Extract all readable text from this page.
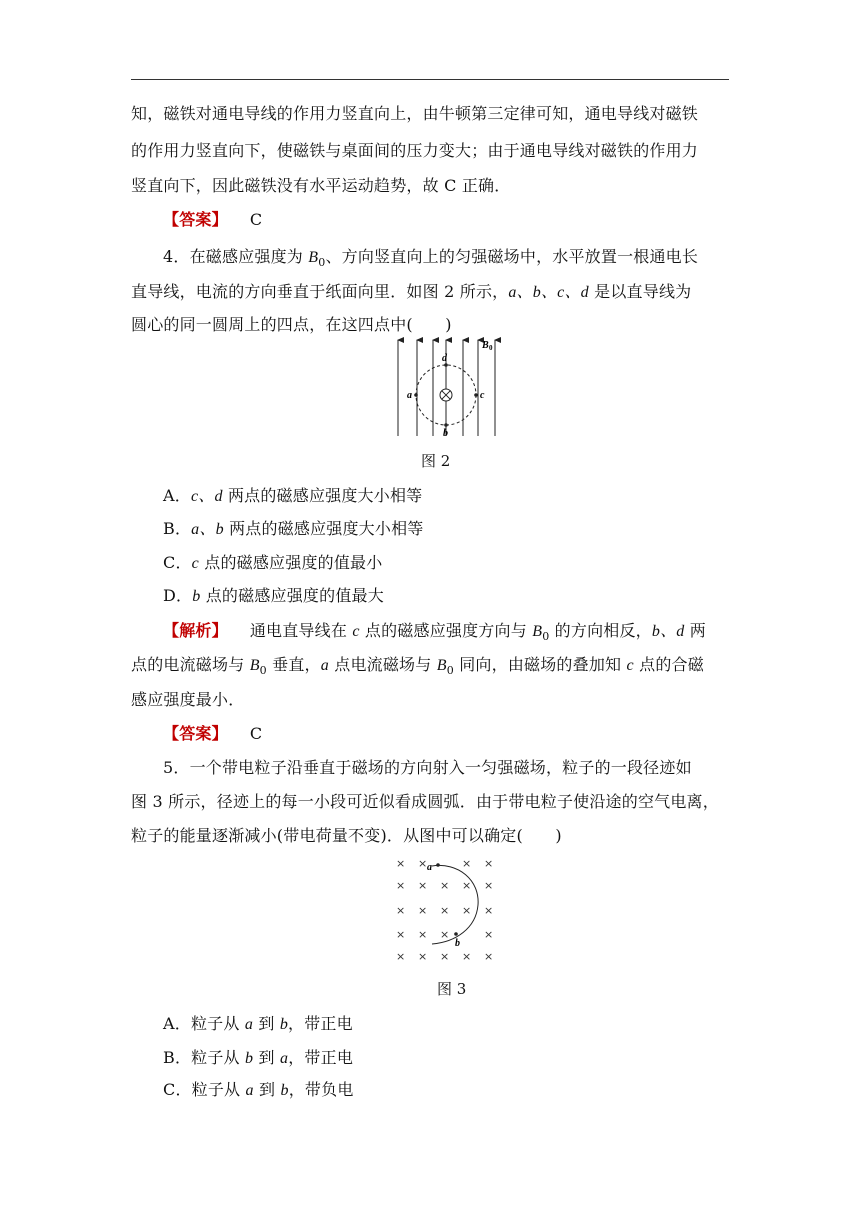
知，磁铁对通电导线的作用力竖直向上，由牛顿第三定律可知，通电导线对磁铁
的作用力竖直向下，使磁铁与桌面间的压力变大；由于通电导线对磁铁的作用力
竖直向下，因此磁铁没有水平运动趋势，故 C 正确．
【答案】 C
4．在磁感应强度为 $B_0$、方向竖直向上的匀强磁场中，水平放置一根通电长
直导线，电流的方向垂直于纸面向里．如图 2 所示，a、b、c、d 是以直导线为
圆心的同一圆周上的四点，在这四点中(　　)
a	c
d
b
B 0
图 2
A．c、d 两点的磁感应强度大小相等
B．a、b 两点的磁感应强度大小相等
C．c 点的磁感应强度的值最小
D．b 点的磁感应强度的值最大
【解析】 通电直导线在 c 点的磁感应强度方向与 $B_0$ 的方向相反，b、d 两
点的电流磁场与 $B_0$ 垂直，a 点电流磁场与 $B_0$ 同向，由磁场的叠加知 c 点的合磁
感应强度最小．
【答案】 C
5．一个带电粒子沿垂直于磁场的方向射入一匀强磁场，粒子的一段径迹如
图 3 所示，径迹上的每一小段可近似看成圆弧．由于带电粒子使沿途的空气电离，
粒子的能量逐渐减小(带电荷量不变)．从图中可以确定(　　)
× ×	× ×
× × × × ×
× × × × ×
× × ×	×
× × × × ×
a
b
图 3
A．粒子从 a 到 b，带正电
B．粒子从 b 到 a，带正电
C．粒子从 a 到 b，带负电
